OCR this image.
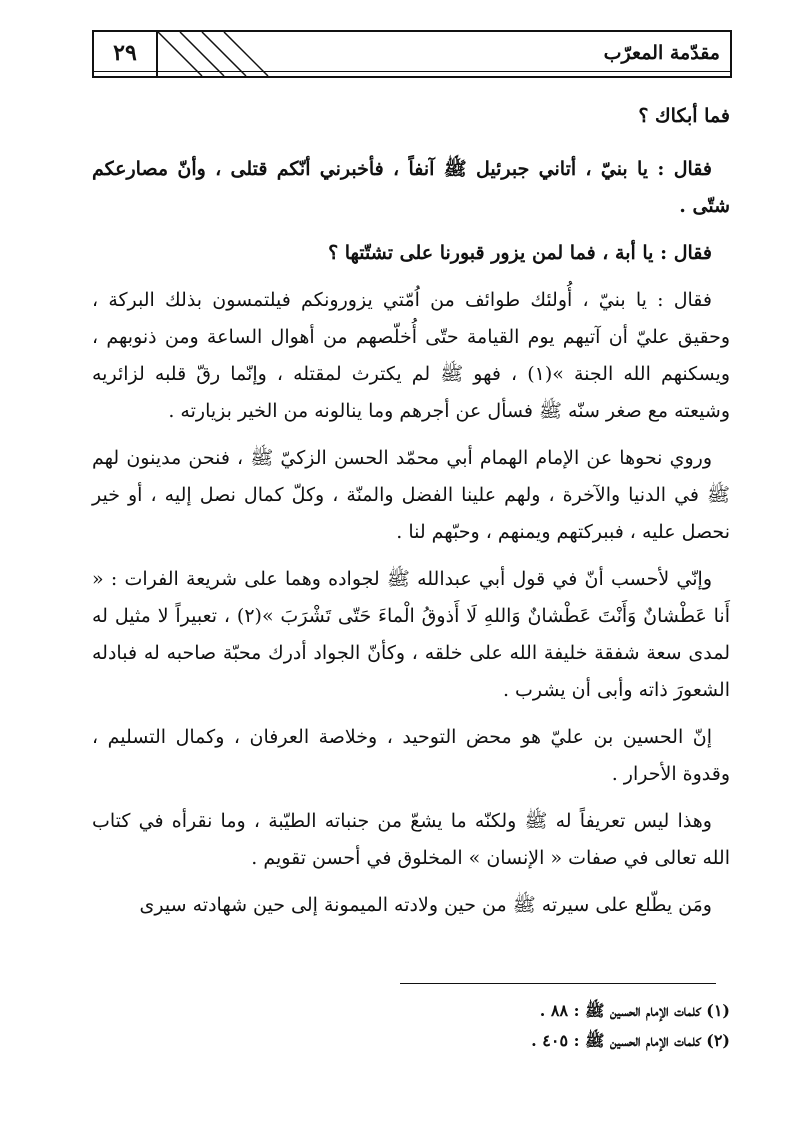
٢٩	مقدّمة المعرّب

فما أبكاك ؟

فقال : يا بنيّ ، أتاني جبرئيل ﷺ آنفاً ، فأخبرني أنّكم قتلى ، وأنّ مصارعكم شتّى .

فقال : يا أبة ، فما لمن يزور قبورنا على تشتّتها ؟

فقال : يا بنيّ ، أُولئك طوائف من اُمّتي يزورونكم فيلتمسون بذلك البركة ، وحقيق عليّ أن آتيهم يوم القيامة حتّى أُخلّصهم من أهوال الساعة ومن ذنوبهم ، ويسكنهم الله الجنة »(١) ، فهو ﷺ لم يكترث لمقتله ، وإنّما رقّ قلبه لزائريه وشيعته مع صغر سنّه ﷺ فسأل عن أجرهم وما ينالونه من الخير بزيارته .

وروي نحوها عن الإمام الهمام أبي محمّد الحسن الزكيّ ﷺ ، فنحن مدينون لهم ﷺ في الدنيا والآخرة ، ولهم علينا الفضل والمنّة ، وكلّ كمال نصل إليه ، أو خير نحصل عليه ، فببركتهم ويمنهم ، وحبّهم لنا .

وإنّي لأحسب أنّ في قول أبي عبدالله ﷺ لجواده وهما على شريعة الفرات : « أَنا عَطْشانٌ وَأَنْتَ عَطْشانٌ وَاللهِ لَا أَذوقُ الْماءَ حَتّى تَشْرَبَ »(٢) ، تعبيراً لا مثيل له لمدى سعة شفقة خليفة الله على خلقه ، وكأنّ الجواد أدرك محبّة صاحبه له فبادله الشعورَ ذاته وأبى أن يشرب .

إنّ الحسين بن عليّ هو محض التوحيد ، وخلاصة العرفان ، وكمال التسليم ، وقدوة الأحرار .

وهذا ليس تعريفاً له ﷺ ولكنّه ما يشعّ من جنباته الطيّبة ، وما نقرأه في كتاب الله تعالى في صفات « الإنسان » المخلوق في أحسن تقويم .

ومَن يطّلع على سيرته ﷺ من حين ولادته الميمونة إلى حين شهادته سيرى

(١) كلمات الإمام الحسين ﷺ : ٨٨ .
(٢) كلمات الإمام الحسين ﷺ : ٤٠٥ .
